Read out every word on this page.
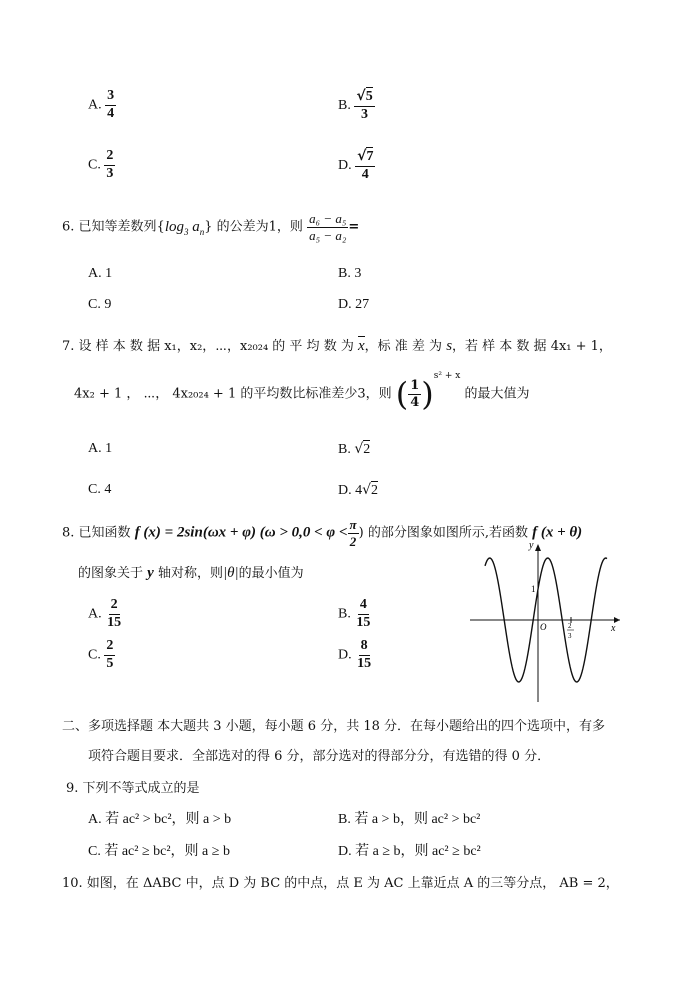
A. $\frac{3}{4}$	B. $\frac{√5}{3}$
C. $\frac{2}{3}$	D. $\frac{√7}{4}$
6. 已知等差数列{$\log_3$ $a_n$} 的公差为1，则 $\frac{\text{a₆ − a₅}}{\text{a₅ − a₂}}$ =
A. 1	B. 3
C. 9	D. 27
7. 设 样 本 数 据 x₁，x₂，⋯，x₂₀₂₄ 的 平 均 数 为 x，标 准 差 为 s，若 样 本 数 据 4x₁ + 1，
4x₂ + 1 ， ⋯， 4x₂₀₂₄ + 1 的平均数比标准差少3，则 ( $\frac{1}{4} )^{s^2 + x}$ 的最大值为
A. 1	B. √2
C. 4	D. 4√2
8. 已知函数 f (x) = 2sin(ωx + φ) ($\omega > 0,0 < \varphi < \frac{\pi}{2}$ ) 的部分图象如图所示,若函数 f (x + θ)
的图象关于 y 轴对称，则|θ|的最小值为
A. $\frac{2}{15}$	B. $\frac{4}{15}$
C. $\frac{2}{5}$	D. $\frac{8}{15}$
y
x
O
1
2
3
二、多项选择题 本大题共 3 小题，每小题 6 分，共 18 分．在每小题给出的四个选项中，有多
项符合题目要求．全部选对的得 6 分，部分选对的得部分分，有选错的得 0 分．
9. 下列不等式成立的是
A. 若 ac² > bc²，则 a > b	B. 若 a > b，则 ac² > bc²
C. 若 ac² ≥ bc²，则 a ≥ b	D. 若 a ≥ b，则 ac² ≥ bc²
10. 如图，在 ΔABC 中，点 D 为 BC 的中点，点 E 为 AC 上靠近点 A 的三等分点， AB = 2，
